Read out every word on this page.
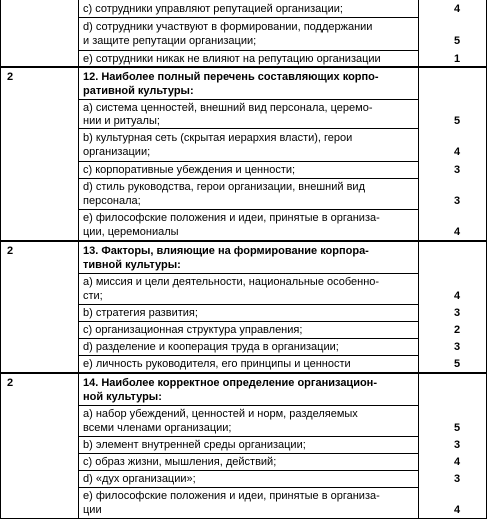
c) сотрудники управляют репутацией организации;	4
d) сотрудники участвуют в формировании, поддержании
и защите репутации организации;	5
e) сотрудники никак не влияют на репутацию организации	1
2	12. Наиболее полный перечень составляющих корпо-
ративной культуры:
a) система ценностей, внешний вид персонала, церемо-
нии и ритуалы;	5
b) культурная сеть (скрытая иерархия власти), герои
организации;	4
c) корпоративные убеждения и ценности;	3
d) стиль руководства, герои организации, внешний вид
персонала;	3
e) философские положения и идеи, принятые в организа-
ции, церемониалы	4
2	13. Факторы, влияющие на формирование корпора-
тивной культуры:
a) миссия и цели деятельности, национальные особенно-
сти;	4
b) стратегия развития;	3
c) организационная структура управления;	2
d) разделение и кооперация труда в организации;	3
e) личность руководителя, его принципы и ценности	5
2	14. Наиболее корректное определение организацион-
ной культуры:
a) набор убеждений, ценностей и норм, разделяемых
всеми членами организации;	5
b) элемент внутренней среды организации;	3
c) образ жизни, мышления, действий;	4
d) «дух организации»;	3
e) философские положения и идеи, принятые в организа-
ции	4
